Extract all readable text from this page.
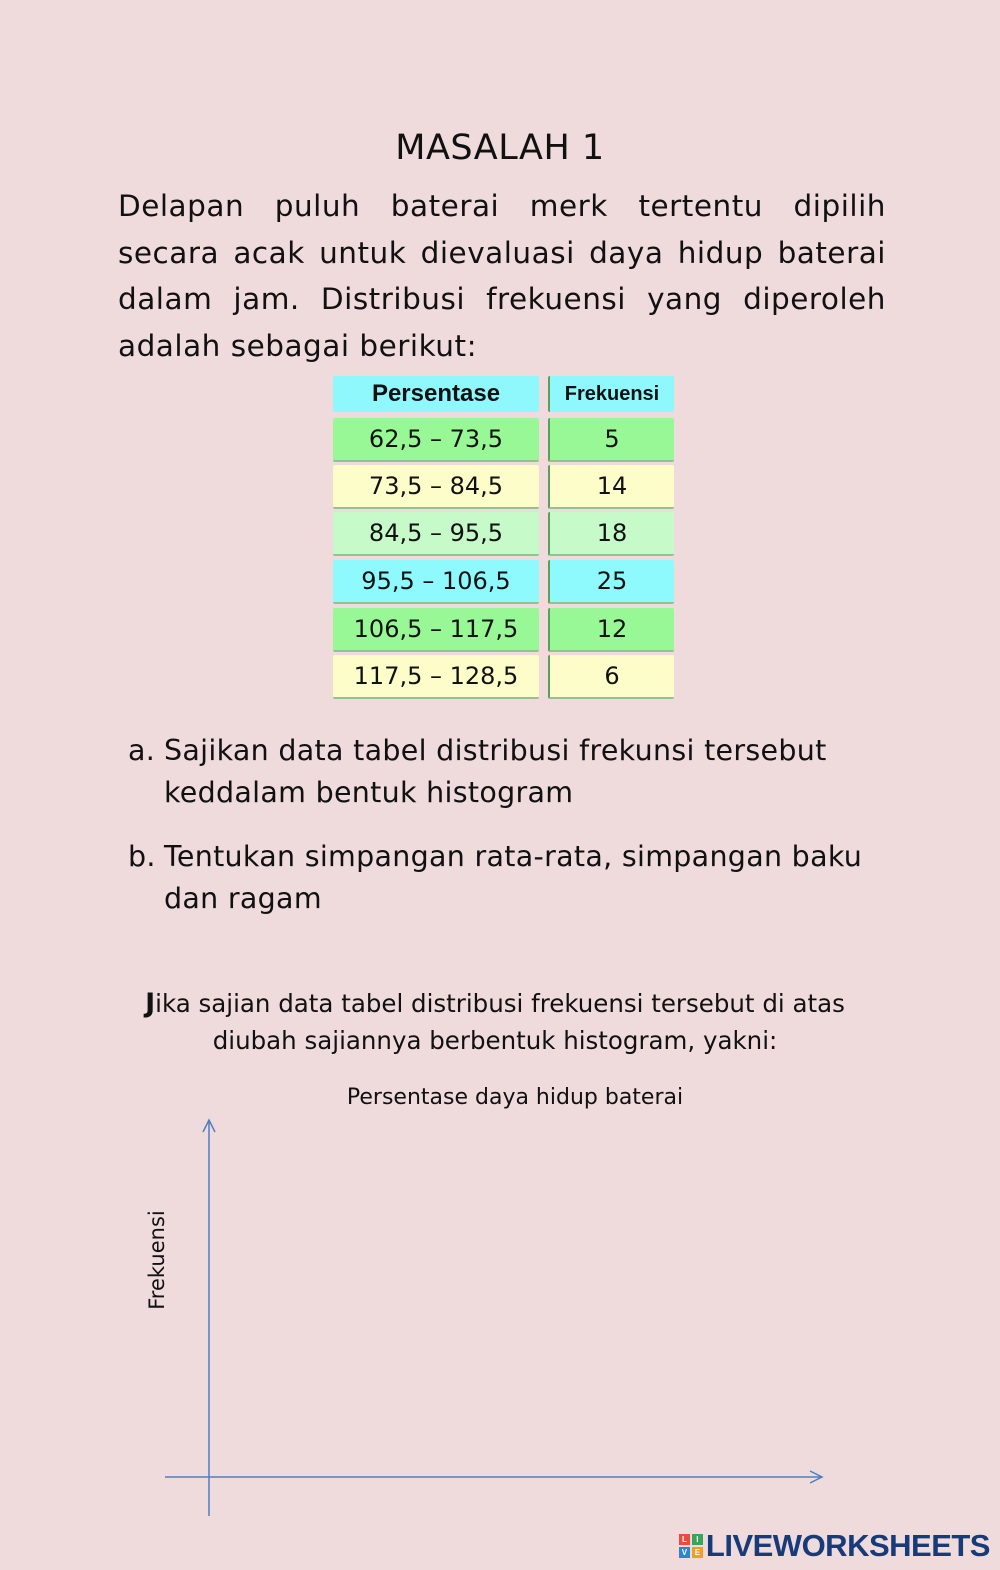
MASALAH 1
Delapan puluh baterai merk tertentu dipilih secara acak untuk dievaluasi daya hidup baterai dalam jam. Distribusi frekuensi yang diperoleh adalah sebagai berikut:
Persentase	Frekuensi
62,5 – 73,5	5
73,5 – 84,5	14
84,5 – 95,5	18
95,5 – 106,5	25
106,5 – 117,5	12
117,5 – 128,5	6
a. Sajikan data tabel distribusi frekunsi tersebut keddalam bentuk histogram
b. Tentukan simpangan rata-rata, simpangan baku dan ragam
Jika sajian data tabel distribusi frekuensi tersebut di atas diubah sajiannya berbentuk histogram, yakni:
Persentase daya hidup baterai
Frekuensi
L	I
V E LIVEWORKSHEETS
